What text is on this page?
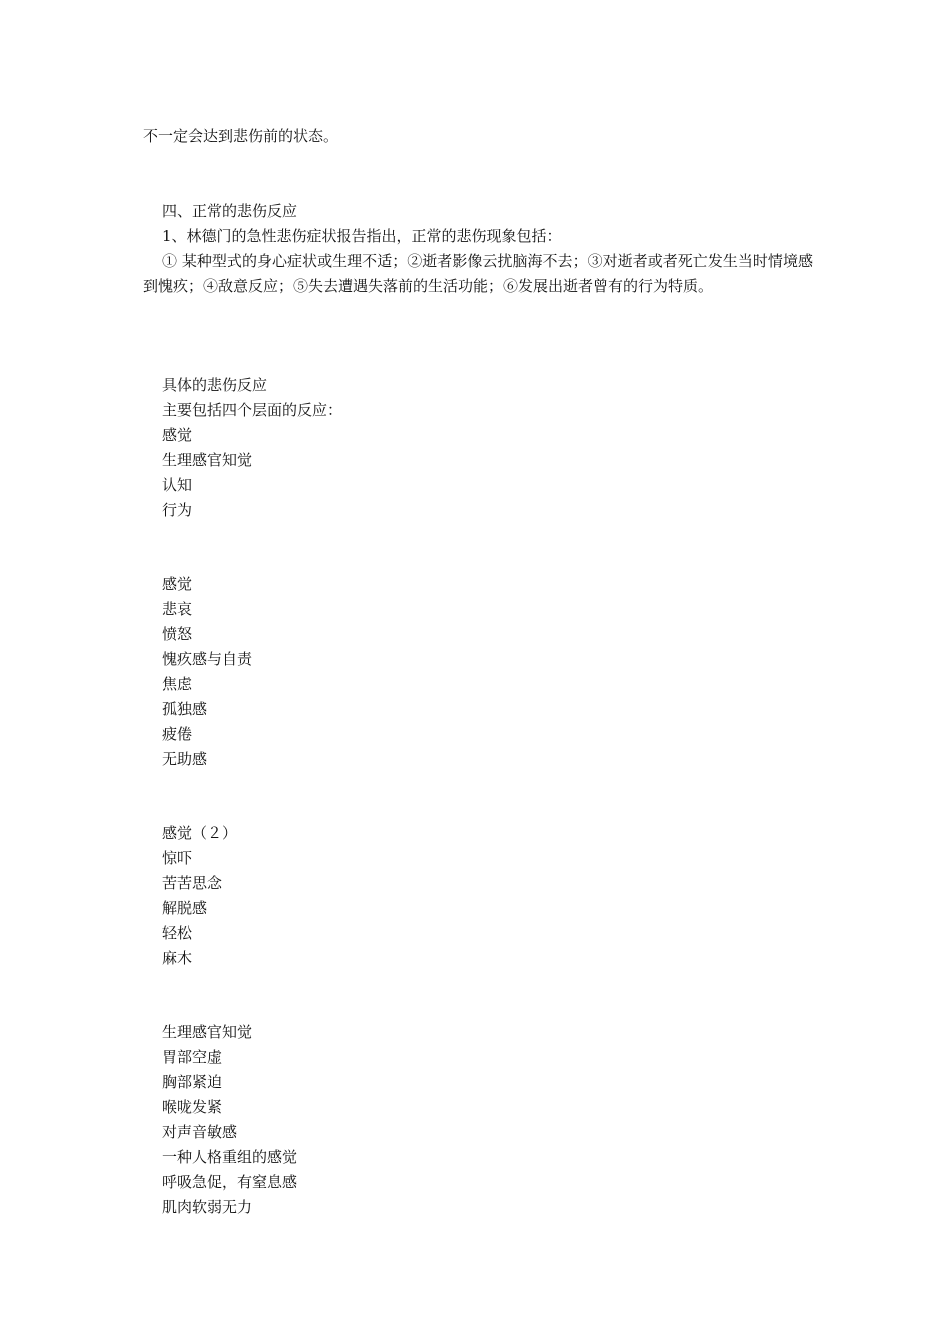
不一定会达到悲伤前的状态。
四、正常的悲伤反应
1、林德门的急性悲伤症状报告指出，正常的悲伤现象包括：
① 某种型式的身心症状或生理不适；②逝者影像云扰脑海不去；③对逝者或者死亡发生当时情境感到愧疚；④敌意反应；⑤失去遭遇失落前的生活功能；⑥发展出逝者曾有的行为特质。
具体的悲伤反应
主要包括四个层面的反应：
感觉
生理感官知觉
认知
行为
感觉
悲哀
愤怒
愧疚感与自责
焦虑
孤独感
疲倦
无助感
感觉（２）
惊吓
苦苦思念
解脱感
轻松
麻木
生理感官知觉
胃部空虚
胸部紧迫
喉咙发紧
对声音敏感
一种人格重组的感觉
呼吸急促，有窒息感
肌肉软弱无力
